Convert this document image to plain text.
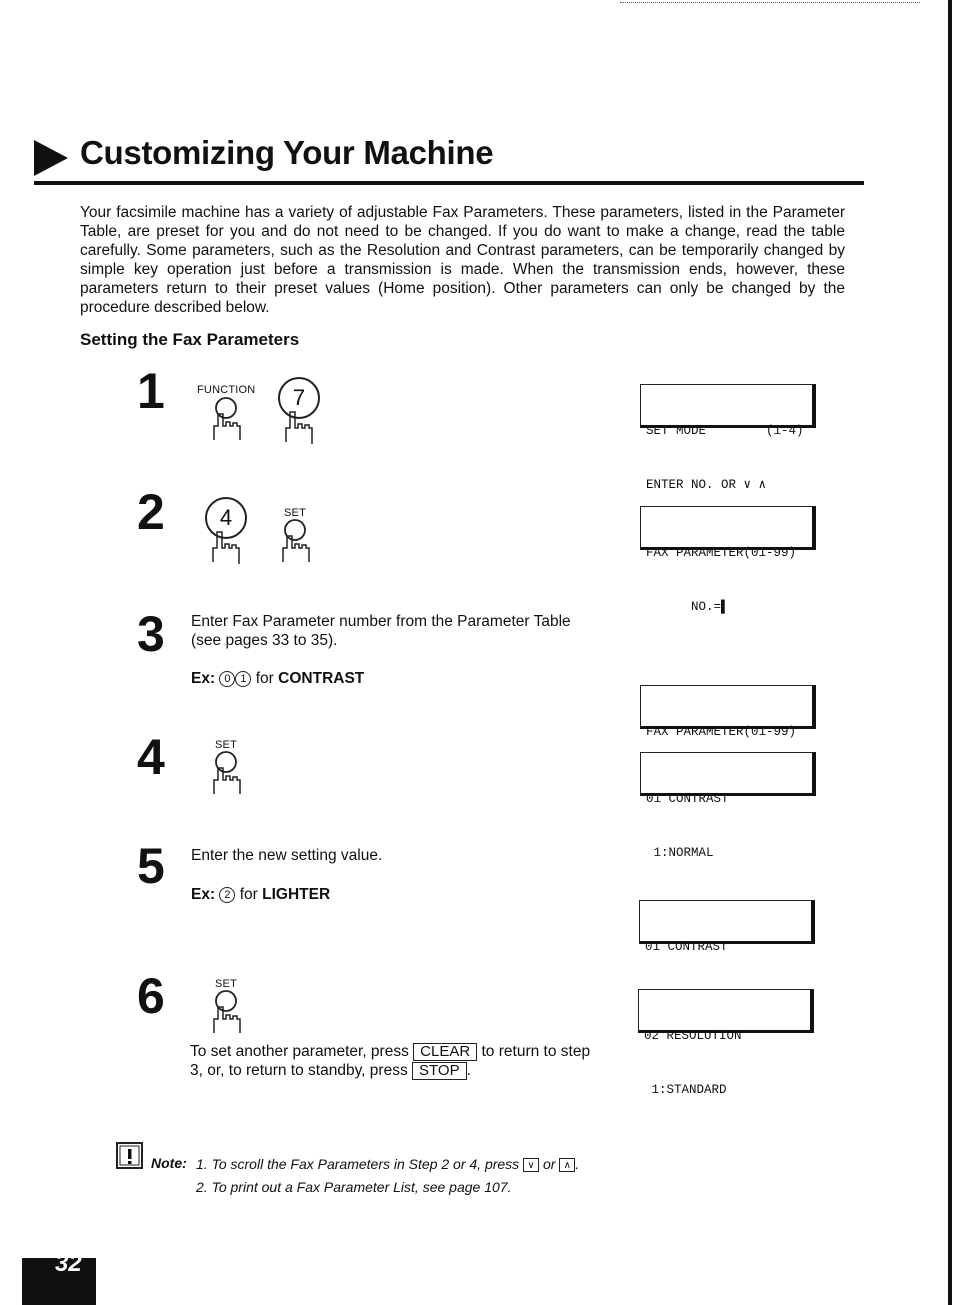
Customizing Your Machine
Your facsimile machine has a variety of adjustable Fax Parameters. These parameters, listed in the Parameter Table, are preset for you and do not need to be changed. If you do want to make a change, read the table carefully. Some parameters, such as the Resolution and Contrast parameters, can be temporarily changed by simple key operation just before a transmission is made. When the transmission ends, however, these parameters return to their preset values (Home position). Other parameters can only be changed by the procedure described below.
Setting the Fax Parameters
1	FUNCTION	7

SET MODE        (1-4)

ENTER NO. OR ∨ ∧

2	4	SET

FAX PARAMETER(01-99)

NO.=▌

3 Enter Fax Parameter number from the Parameter Table (see pages 33 to 35).
Ex: 0 1 for CONTRAST

FAX PARAMETER(01-99)

4	SET

01 CONTRAST

1:NORMAL

5 Enter the new setting value.
Ex: 2 for LIGHTER

01 CONTRAST

6	SET

02 RESOLUTION

1:STANDARD

To set another parameter, press CLEAR to return to step
3, or, to return to standby, press STOP .
Note: 1. To scroll the Fax Parameters in Step 2 or 4, press ∨ or ∧ .
2. To print out a Fax Parameter List, see page 107.
32
